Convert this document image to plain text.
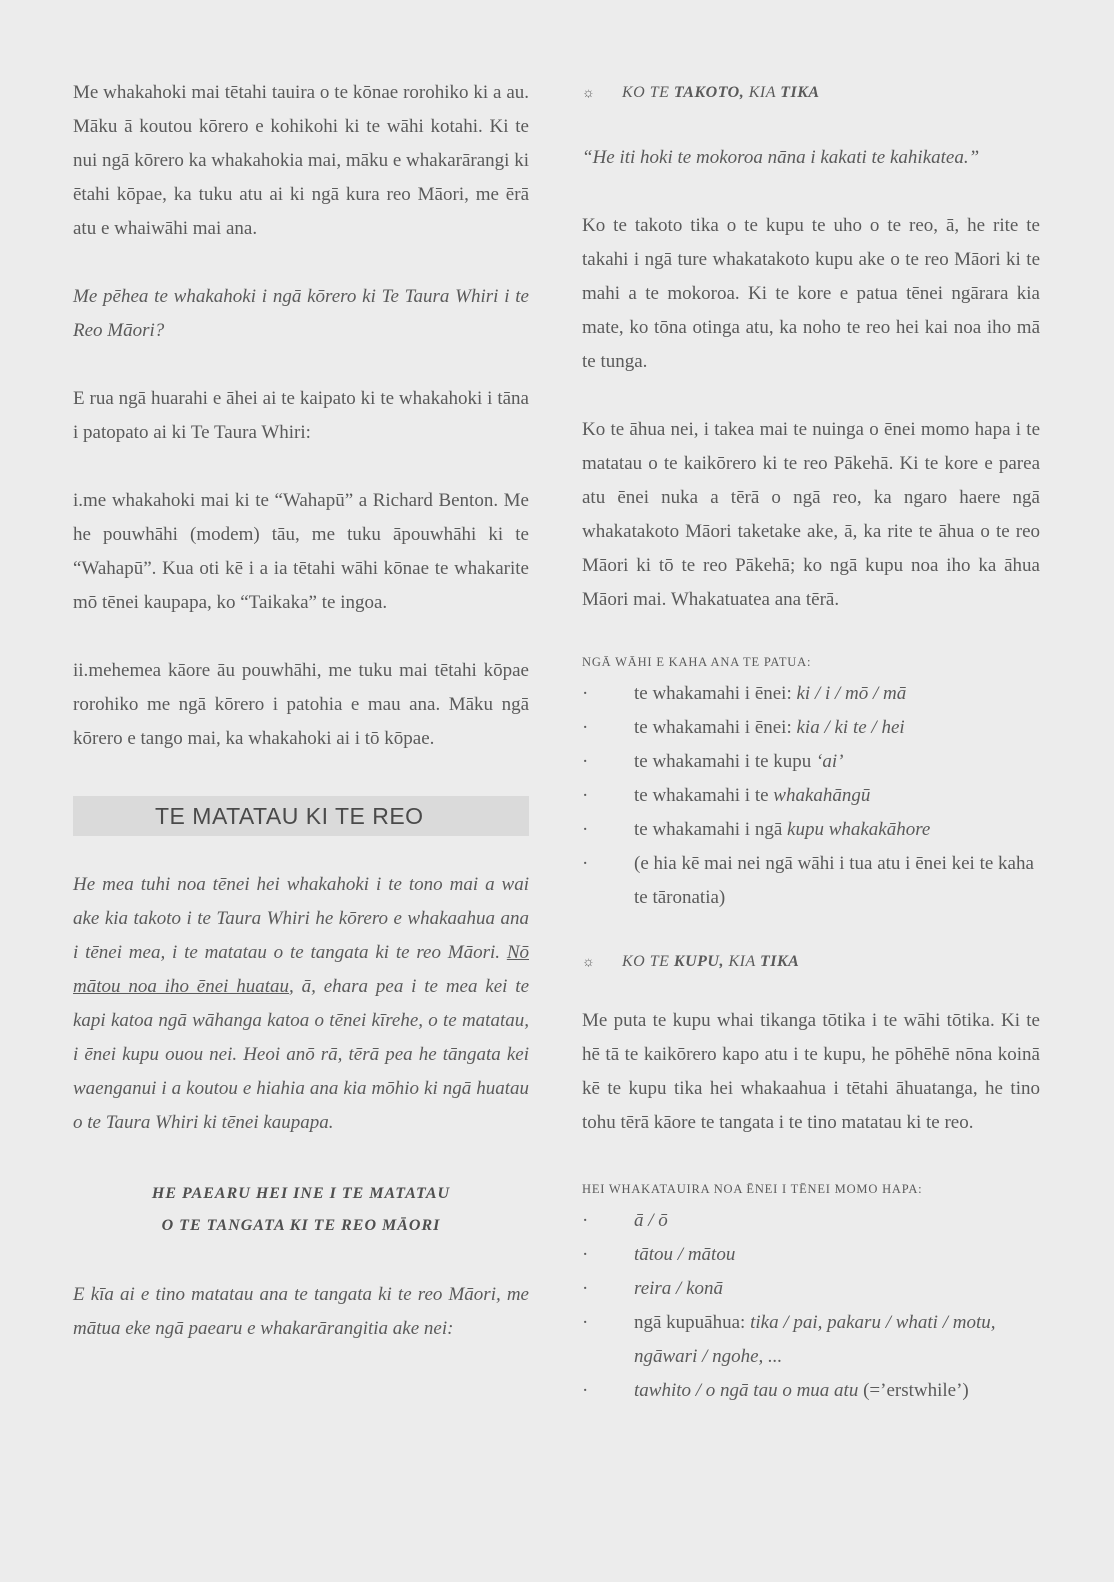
Me whakahoki mai tētahi tauira o te kōnae rorohiko ki a au. Māku ā koutou kōrero e kohikohi ki te wāhi kotahi. Ki te nui ngā kōrero ka whakahokia mai, māku e whakarārangi ki ētahi kōpae, ka tuku atu ai ki ngā kura reo Māori, me ērā atu e whaiwāhi mai ana.

Me pēhea te whakahoki i ngā kōrero ki Te Taura Whiri i te Reo Māori?

E rua ngā huarahi e āhei ai te kaipato ki te whakahoki i tāna i patopato ai ki Te Taura Whiri:

i.me whakahoki mai ki te “Wahapū” a Richard Benton. Me he pouwhāhi (modem) tāu, me tuku āpouwhāhi ki te “Wahapū”. Kua oti kē i a ia tētahi wāhi kōnae te whakarite mō tēnei kaupapa, ko “Taikaka” te ingoa.

ii.mehemea kāore āu pouwhāhi, me tuku mai tētahi kōpae rorohiko me ngā kōrero i patohia e mau ana. Māku ngā kōrero e tango mai, ka whakahoki ai i tō kōpae.

TE MATATAU KI TE REO

He mea tuhi noa tēnei hei whakahoki i te tono mai a wai ake kia takoto i te Taura Whiri he kōrero e whakaahua ana i tēnei mea, i te matatau o te tangata ki te reo Māori. Nō mātou noa iho ēnei huatau, ā, ehara pea i te mea kei te kapi katoa ngā wāhanga katoa o tēnei kīrehe, o te matatau, i ēnei kupu ouou nei. Heoi anō rā, tērā pea he tāngata kei waenganui i a koutou e hiahia ana kia mōhio ki ngā huatau o te Taura Whiri ki tēnei kaupapa.

HE PAEARU HEI INE I TE MATATAU
O TE TANGATA KI TE REO MĀORI

E kīa ai e tino matatau ana te tangata ki te reo Māori, me mātua eke ngā paearu e whakarārangitia ake nei:

☼ KO TE TAKOTO, KIA TIKA

“He iti hoki te mokoroa nāna i kakati te kahikatea.”

Ko te takoto tika o te kupu te uho o te reo, ā, he rite te takahi i ngā ture whakatakoto kupu ake o te reo Māori ki te mahi a te mokoroa. Ki te kore e patua tēnei ngārara kia mate, ko tōna otinga atu, ka noho te reo hei kai noa iho mā te tunga.

Ko te āhua nei, i takea mai te nuinga o ēnei momo hapa i te matatau o te kaikōrero ki te reo Pākehā. Ki te kore e parea atu ēnei nuka a tērā o ngā reo, ka ngaro haere ngā whakatakoto Māori taketake ake, ā, ka rite te āhua o te reo Māori ki tō te reo Pākehā; ko ngā kupu noa iho ka āhua Māori mai. Whakatuatea ana tērā.

NGĀ WĀHI E KAHA ANA TE PATUA:
· te whakamahi i ēnei: ki / i / mō / mā
· te whakamahi i ēnei: kia / ki te / hei
· te whakamahi i te kupu ‘ai’
· te whakamahi i te whakahāngū
· te whakamahi i ngā kupu whakakāhore
· (e hia kē mai nei ngā wāhi i tua atu i ēnei kei te kaha te tāronatia)
☼ KO TE KUPU, KIA TIKA

Me puta te kupu whai tikanga tōtika i te wāhi tōtika. Ki te hē tā te kaikōrero kapo atu i te kupu, he pōhēhē nōna koinā kē te kupu tika hei whakaahua i tētahi āhuatanga, he tino tohu tērā kāore te tangata i te tino matatau ki te reo.

HEI WHAKATAUIRA NOA ĒNEI I TĒNEI MOMO HAPA:
· ā / ō
· tātou / mātou
· reira / konā
· ngā kupuāhua: tika / pai, pakaru / whati / motu, ngāwari / ngohe, ...
· tawhito / o ngā tau o mua atu (=’erstwhile’)
